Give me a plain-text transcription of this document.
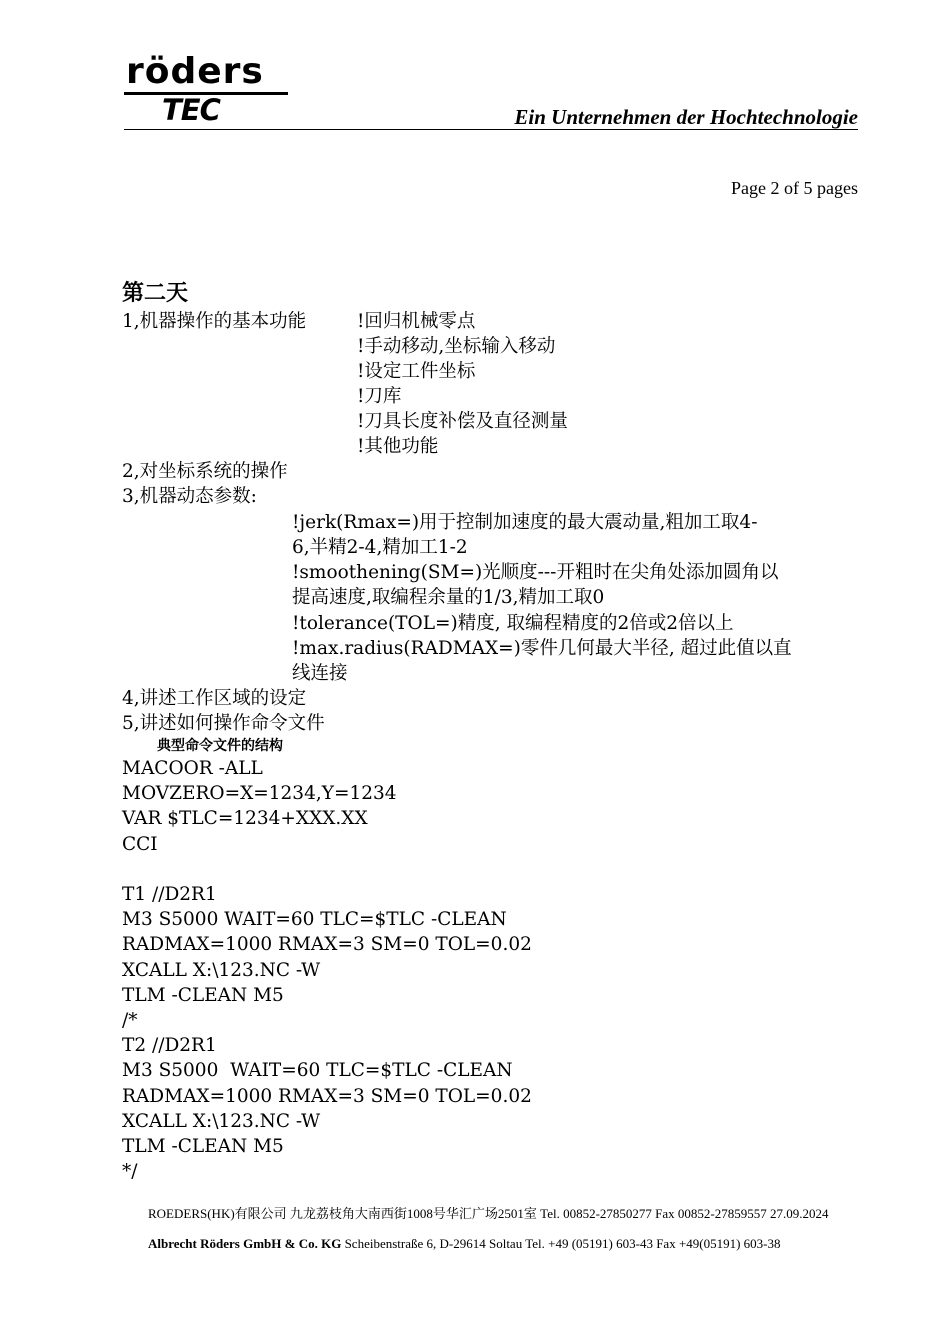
röders
TEC	Ein Unternehmen der Hochtechnologie
Page 2 of 5 pages
第二天
1,机器操作的基本功能	!回归机械零点
!手动移动,坐标输入移动
!设定工件坐标
!刀库
!刀具长度补偿及直径测量
!其他功能
2,对坐标系统的操作
3,机器动态参数:
!jerk(Rmax=)用于控制加速度的最大震动量,粗加工取4-
6,半精2-4,精加工1-2
!smoothening(SM=)光顺度---开粗时在尖角处添加圆角以
提高速度,取编程余量的1/3,精加工取0
!tolerance(TOL=)精度, 取编程精度的2倍或2倍以上
!max.radius(RADMAX=)零件几何最大半径, 超过此值以直
线连接
4,讲述工作区域的设定
5,讲述如何操作命令文件
典型命令文件的结构
MACOOR -ALL
MOVZERO=X=1234,Y=1234
VAR $TLC=1234+XXX.XX
CCI
T1 //D2R1
M3 S5000 WAIT=60 TLC=$TLC -CLEAN
RADMAX=1000 RMAX=3 SM=0 TOL=0.02
XCALL X:\123.NC -W
TLM -CLEAN M5
/*
T2 //D2R1
M3 S5000  WAIT=60 TLC=$TLC -CLEAN
RADMAX=1000 RMAX=3 SM=0 TOL=0.02
XCALL X:\123.NC -W
TLM -CLEAN M5
*/
ROEDERS(HK)有限公司 九龙荔枝角大南西街1008号华汇广场2501室 Tel. 00852-27850277 Fax 00852-27859557 27.09.2024
Albrecht Röders GmbH & Co. KG Scheibenstraße 6, D-29614 Soltau Tel. +49 (05191) 603-43 Fax +49(05191) 603-38
